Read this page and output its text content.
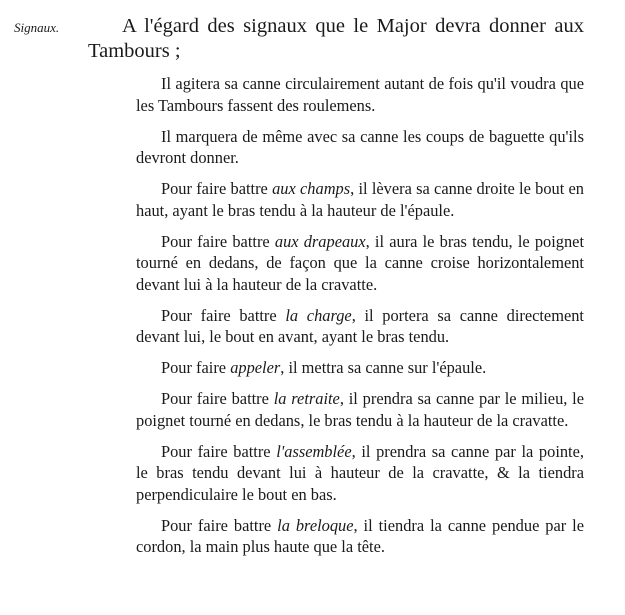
Signaux.	A l'égard des signaux que le Major devra donner aux Tambours ;

Il agitera sa canne circulairement autant de fois qu'il voudra que les Tambours fassent des roulemens.

Il marquera de même avec sa canne les coups de baguette qu'ils devront donner.

Pour faire battre aux champs, il lèvera sa canne droite le bout en haut, ayant le bras tendu à la hauteur de l'épaule.

Pour faire battre aux drapeaux, il aura le bras tendu, le poignet tourné en dedans, de façon que la canne croise horizontalement devant lui à la hauteur de la cravatte.

Pour faire battre la charge, il portera sa canne directement devant lui, le bout en avant, ayant le bras tendu.

Pour faire appeler, il mettra sa canne sur l'épaule.

Pour faire battre la retraite, il prendra sa canne par le milieu, le poignet tourné en dedans, le bras tendu à la hauteur de la cravatte.

Pour faire battre l'assemblée, il prendra sa canne par la pointe, le bras tendu devant lui à hauteur de la cravatte, & la tiendra perpendiculaire le bout en bas.

Pour faire battre la breloque, il tiendra la canne pendue par le cordon, la main plus haute que la tête.
